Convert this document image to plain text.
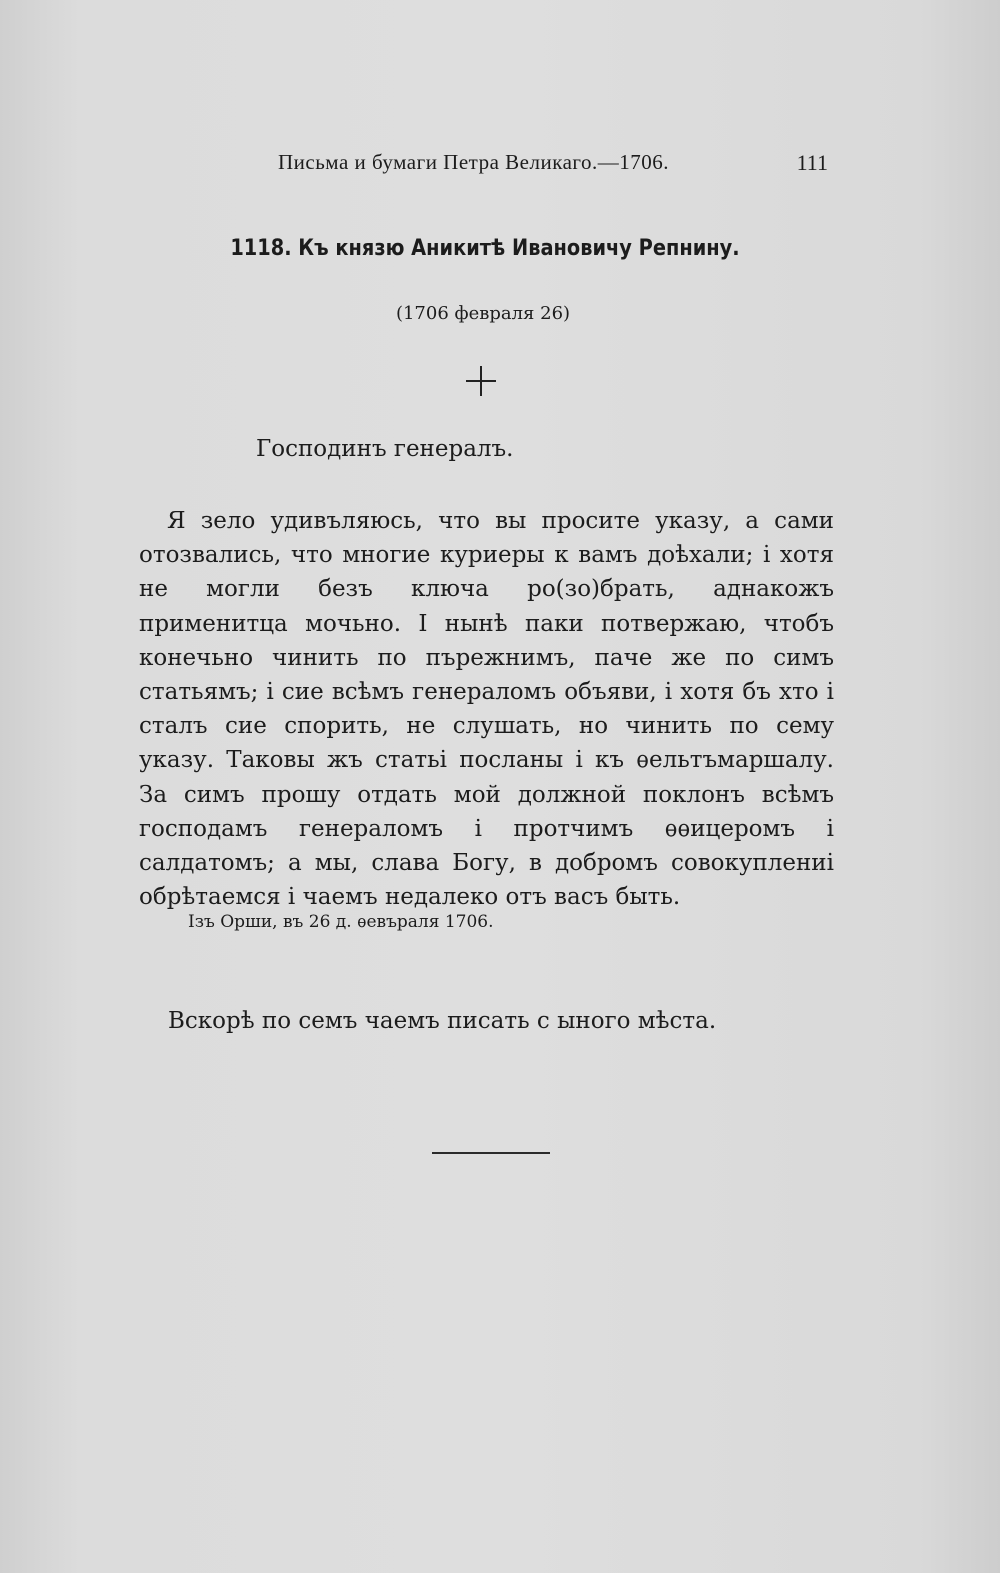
Письма и бумаги Петра Великаго.—1706.	111
1118. Къ князю Аникитѣ Ивановичу Репнину.
(1706 февраля 26)
Господинъ генералъ.

Я зело удивъляюсь, что вы просите указу, а сами отозвались, что многие куриеры к вамъ доѣхали; і хотя не могли безъ ключа ро(зо)брать, аднакожъ применитца мочьно. І нынѣ паки потвержаю, чтобъ конечьно чинить по пърежнимъ, паче же по симъ статьямъ; і сие всѣмъ генераломъ объяви, і хотя бъ хто і сталъ сие спорить, не слушать, но чинить по сему указу. Таковы жъ статьі посланы і къ ѳельтъмаршалу. За симъ прошу отдать мой должной поклонъ всѣмъ господамъ генераломъ і протчимъ ѳѳицеромъ і салдатомъ; а мы, слава Богу, в добромъ совокуплениі обрѣтаемся і чаемъ недалеко отъ васъ быть.

Ізъ Орши, въ 26 д. ѳевъраля 1706.
Вскорѣ по семъ чаемъ писать с ыного мѣста.
